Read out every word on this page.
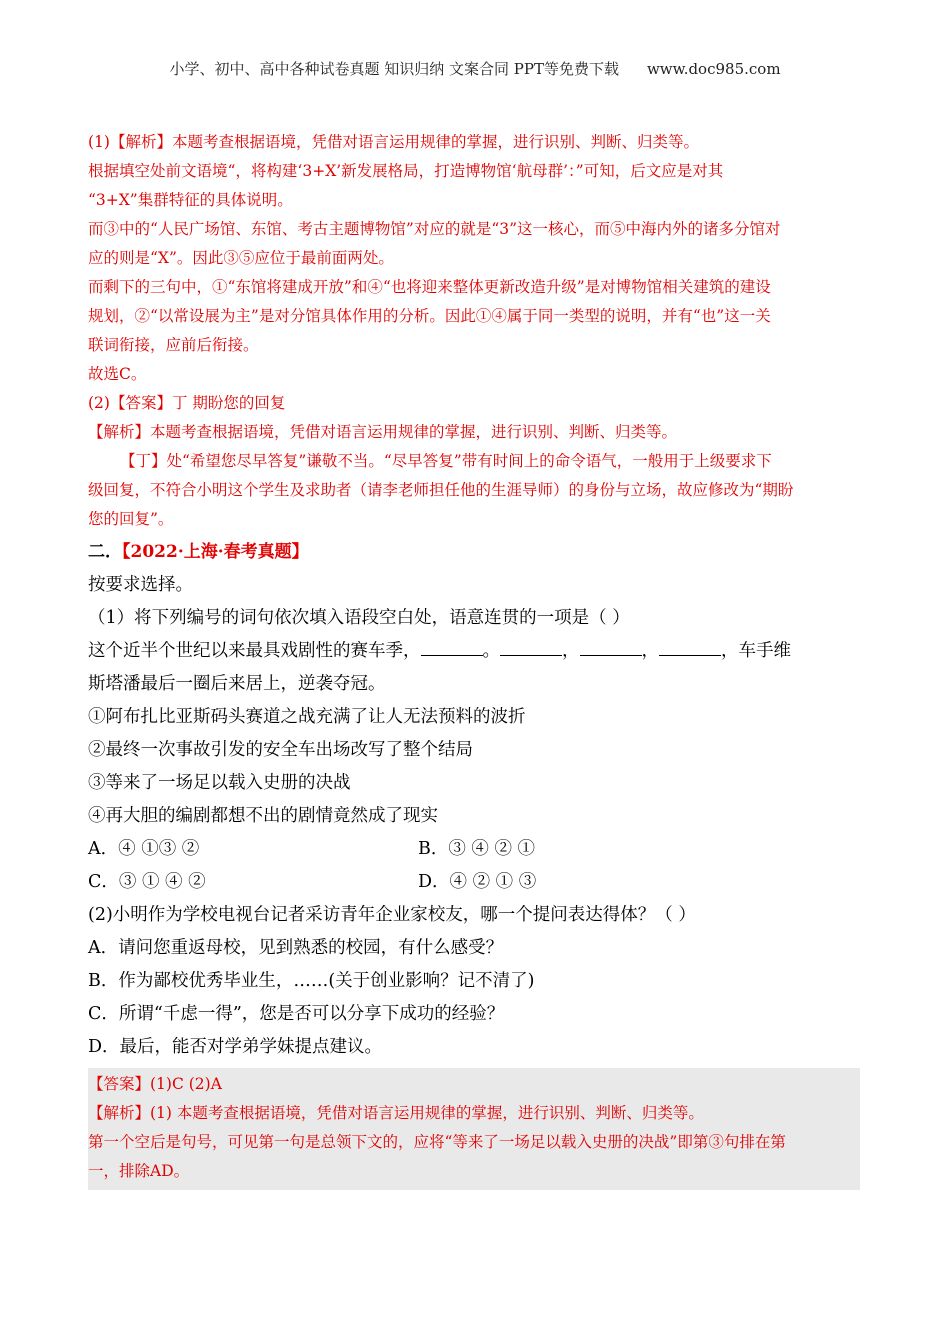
小学、初中、高中各种试卷真题 知识归纳 文案合同 PPT等免费下载 www.doc985.com

(1)【解析】本题考查根据语境，凭借对语言运用规律的掌握，进行识别、判断、归类等。

根据填空处前文语境“，将构建‘3+X’新发展格局，打造博物馆‘航母群’：”可知，后文应是对其

“3+X”集群特征的具体说明。

而③中的“人民广场馆、东馆、考古主题博物馆”对应的就是“3”这一核心，而⑤中海内外的诸多分馆对

应的则是“X”。因此③⑤应位于最前面两处。

而剩下的三句中，①“东馆将建成开放”和④“也将迎来整体更新改造升级”是对博物馆相关建筑的建设

规划，②“以常设展为主”是对分馆具体作用的分析。因此①④属于同一类型的说明，并有“也”这一关

联词衔接，应前后衔接。

故选C。

(2)【答案】丁 期盼您的回复

【解析】本题考查根据语境，凭借对语言运用规律的掌握，进行识别、判断、归类等。

【丁】处“希望您尽早答复”谦敬不当。“尽早答复”带有时间上的命令语气，一般用于上级要求下

级回复，不符合小明这个学生及求助者（请李老师担任他的生涯导师）的身份与立场，故应修改为“期盼

您的回复”。

二．【2022·上海·春考真题】

按要求选择。

（1）将下列编号的词句依次填入语段空白处，语意连贯的一项是（ ）

这个近半个世纪以来最具戏剧性的赛车季，	。	，	，	，车手维

斯塔潘最后一圈后来居上，逆袭夺冠。

①阿布扎比亚斯码头赛道之战充满了让人无法预料的波折

②最终一次事故引发的安全车出场改写了整个结局

③等来了一场足以载入史册的决战

④再大胆的编剧都想不出的剧情竟然成了现实

A．④ ①③ ②	B．③ ④ ② ①

C．③ ① ④ ②	D．④ ② ① ③

(2)小明作为学校电视台记者采访青年企业家校友，哪一个提问表达得体？（ ）

A．请问您重返母校，见到熟悉的校园，有什么感受？

B．作为鄙校优秀毕业生，……(关于创业影响？记不清了)

C．所谓“千虑一得”，您是否可以分享下成功的经验？

D．最后，能否对学弟学妹提点建议。

【答案】(1)C (2)A

【解析】(1) 本题考查根据语境，凭借对语言运用规律的掌握，进行识别、判断、归类等。

第一个空后是句号，可见第一句是总领下文的，应将“等来了一场足以载入史册的决战”即第③句排在第

一，排除AD。
